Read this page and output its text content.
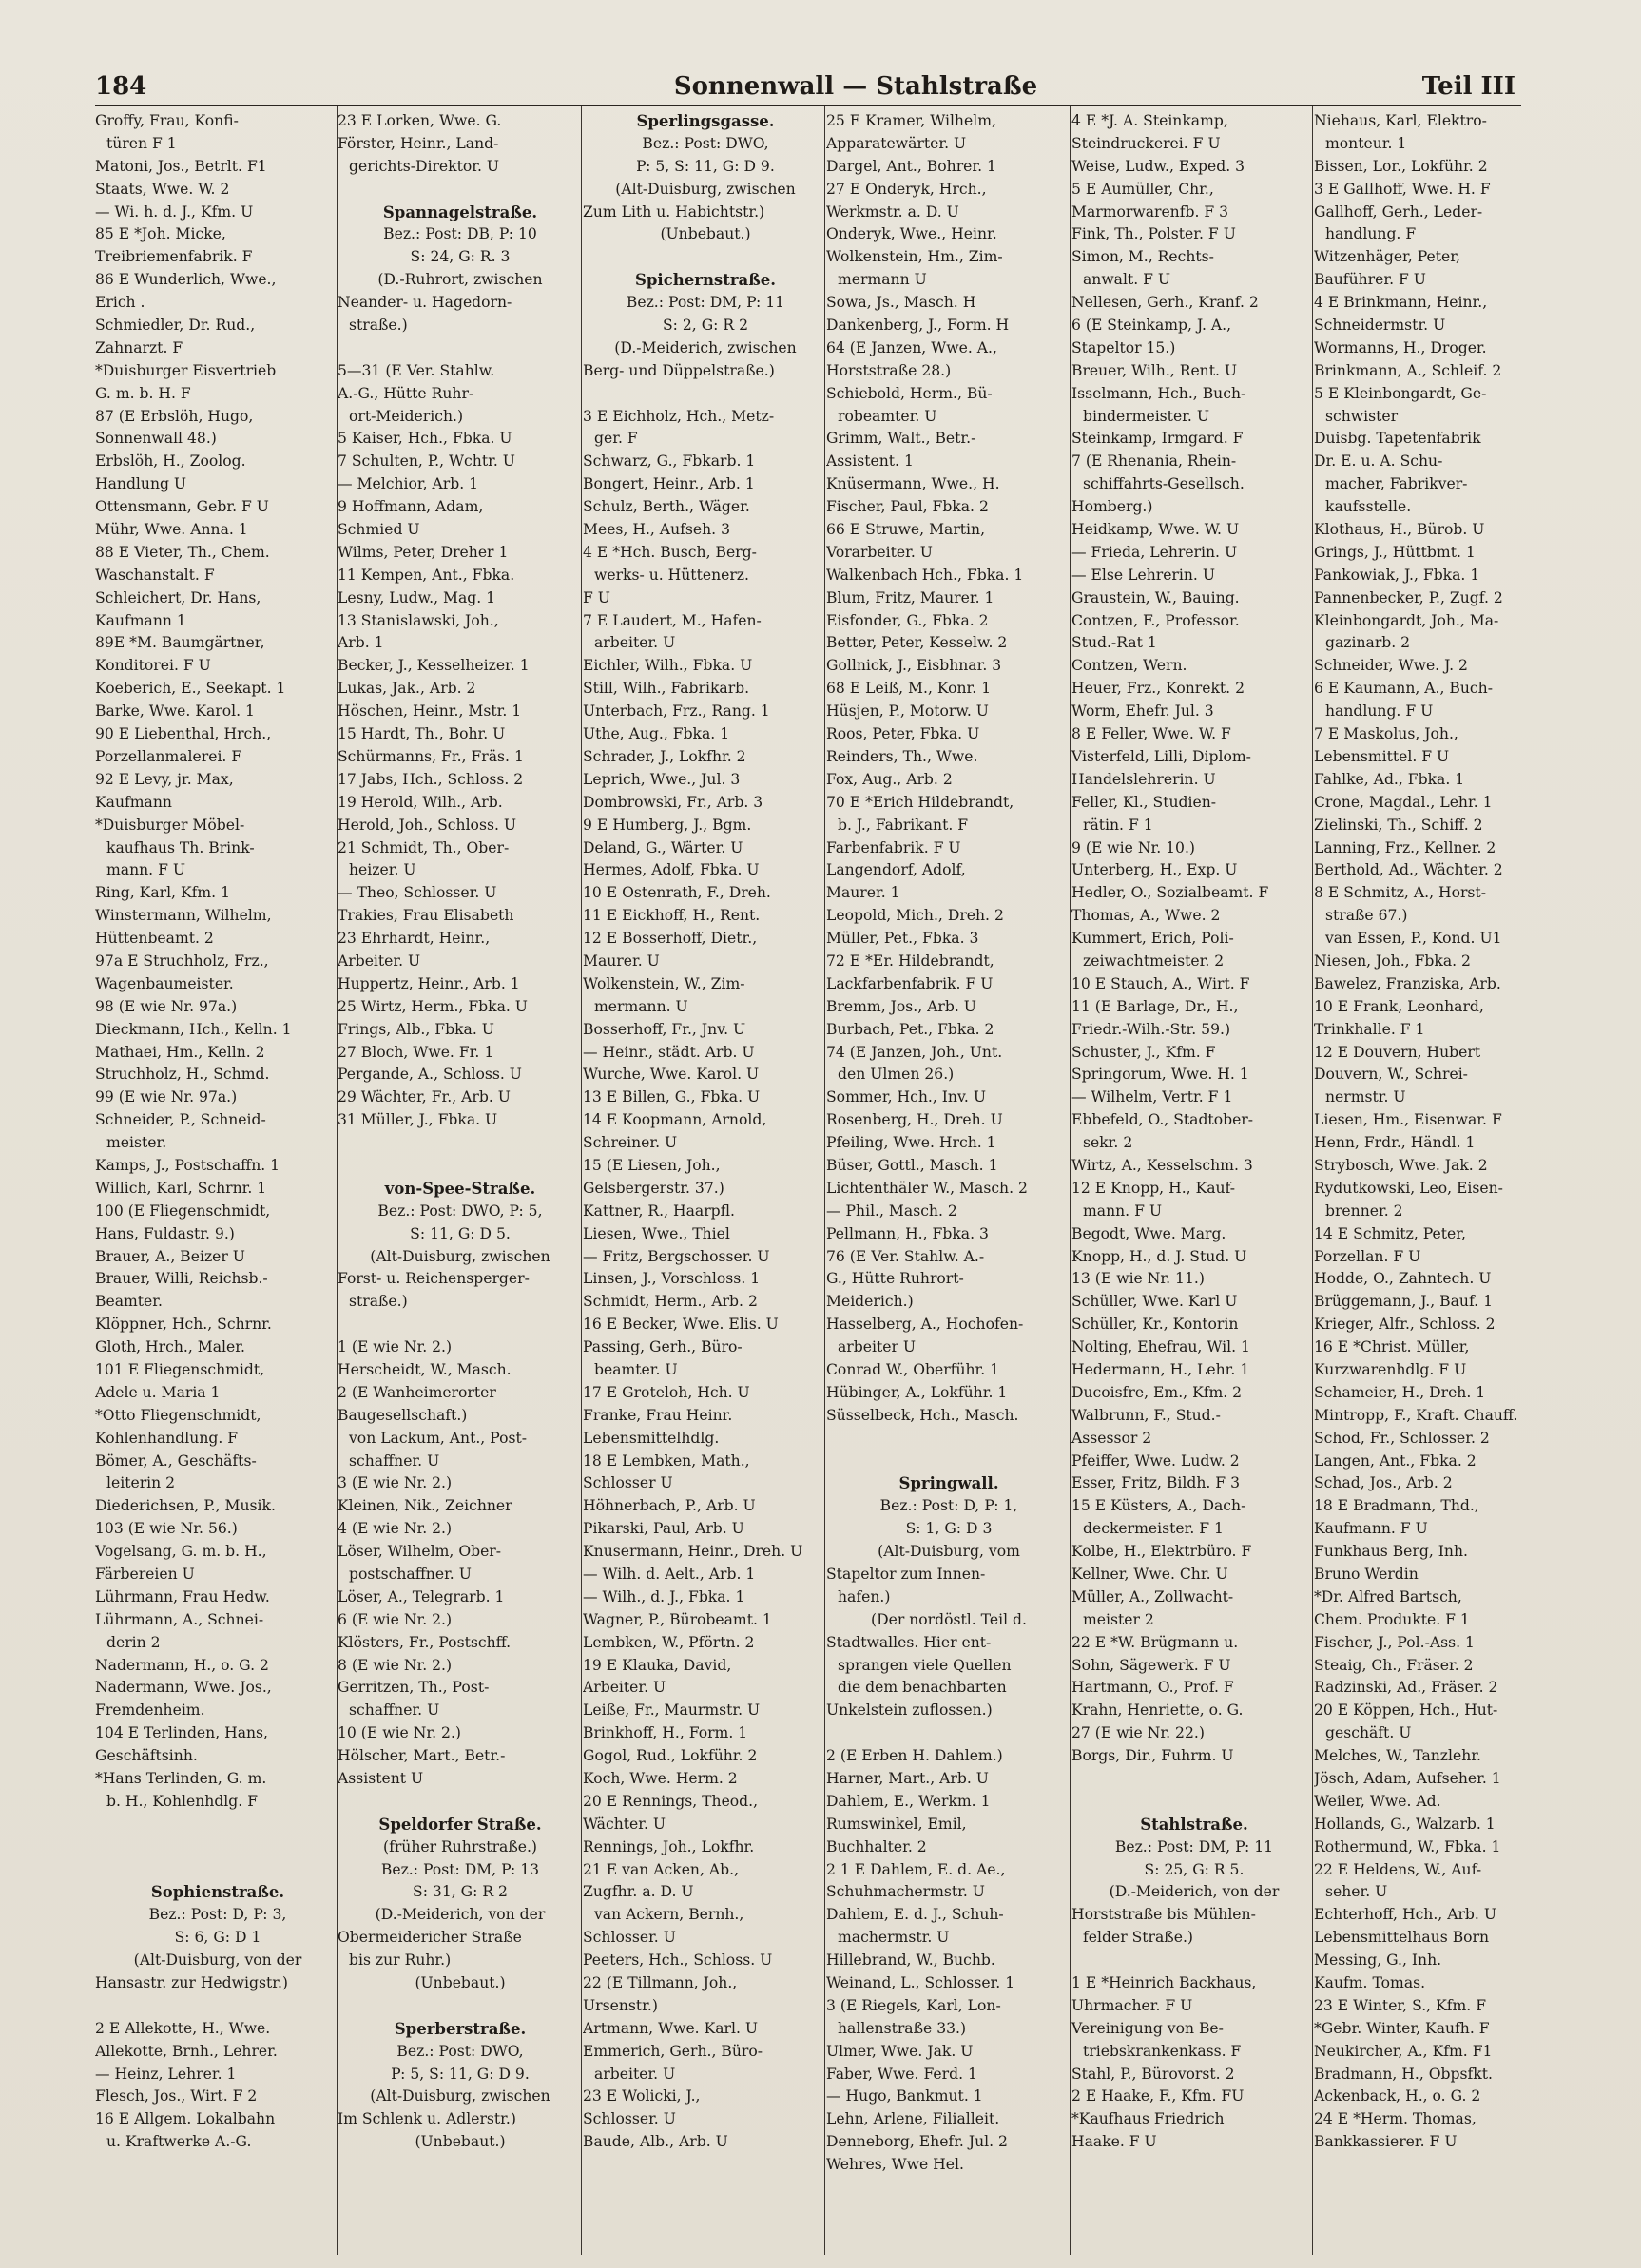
184	Sonnenwall — Stahlstraße	Teil III
Groffy, Frau, Konfi-
türen F 1
Matoni, Jos., Betrlt. F1
Staats, Wwe. W. 2
— Wi. h. d. J., Kfm. U
85 E *Joh. Micke,
Treibriemenfabrik. F
86 E Wunderlich, Wwe.,
Erich .
Schmiedler, Dr. Rud.,
Zahnarzt. F
*Duisburger Eisvertrieb
G. m. b. H. F
87 (E Erbslöh, Hugo,
Sonnenwall 48.)
Erbslöh, H., Zoolog.
Handlung U
Ottensmann, Gebr. F U
Mühr, Wwe. Anna. 1
88 E Vieter, Th., Chem.
Waschanstalt. F
Schleichert, Dr. Hans,
Kaufmann 1
89E *M. Baumgärtner,
Konditorei. F U
Koeberich, E., Seekapt. 1
Barke, Wwe. Karol. 1
90 E Liebenthal, Hrch.,
Porzellanmalerei. F
92 E Levy, jr. Max,
Kaufmann
*Duisburger Möbel-
kaufhaus Th. Brink-
mann. F U
Ring, Karl, Kfm. 1
Winstermann, Wilhelm,
Hüttenbeamt. 2
97a E Struchholz, Frz.,
Wagenbaumeister.
98 (E wie Nr. 97a.)
Dieckmann, Hch., Kelln. 1
Mathaei, Hm., Kelln. 2
Struchholz, H., Schmd.
99 (E wie Nr. 97a.)
Schneider, P., Schneid-
meister.
Kamps, J., Postschaffn. 1
Willich, Karl, Schrnr. 1
100 (E Fliegenschmidt,
Hans, Fuldastr. 9.)
Brauer, A., Beizer U
Brauer, Willi, Reichsb.-
Beamter.
Klöppner, Hch., Schrnr.
Gloth, Hrch., Maler.
101 E Fliegenschmidt,
Adele u. Maria 1
*Otto Fliegenschmidt,
Kohlenhandlung. F
Bömer, A., Geschäfts-
leiterin 2
Diederichsen, P., Musik.
103 (E wie Nr. 56.)
Vogelsang, G. m. b. H.,
Färbereien U
Lührmann, Frau Hedw.
Lührmann, A., Schnei-
derin 2
Nadermann, H., o. G. 2
Nadermann, Wwe. Jos.,
Fremdenheim.
104 E Terlinden, Hans,
Geschäftsinh.
*Hans Terlinden, G. m.
b. H., Kohlenhdlg. F
Sophienstraße.
Bez.: Post: D, P: 3,
S: 6, G: D 1
(Alt-Duisburg, von der
Hansastr. zur Hedwigstr.)
2 E Allekotte, H., Wwe.
Allekotte, Brnh., Lehrer.
— Heinz, Lehrer. 1
Flesch, Jos., Wirt. F 2
16 E Allgem. Lokalbahn
u. Kraftwerke A.-G.
23 E Lorken, Wwe. G.
Förster, Heinr., Land-
gerichts-Direktor. U
Spannagelstraße.
Bez.: Post: DB, P: 10
S: 24, G: R. 3
(D.-Ruhrort, zwischen
Neander- u. Hagedorn-
straße.)
5—31 (E Ver. Stahlw.
A.-G., Hütte Ruhr-
ort-Meiderich.)
5 Kaiser, Hch., Fbka. U
7 Schulten, P., Wchtr. U
— Melchior, Arb. 1
9 Hoffmann, Adam,
Schmied U
Wilms, Peter, Dreher 1
11 Kempen, Ant., Fbka.
Lesny, Ludw., Mag. 1
13 Stanislawski, Joh.,
Arb. 1
Becker, J., Kesselheizer. 1
Lukas, Jak., Arb. 2
Höschen, Heinr., Mstr. 1
15 Hardt, Th., Bohr. U
Schürmanns, Fr., Fräs. 1
17 Jabs, Hch., Schloss. 2
19 Herold, Wilh., Arb.
Herold, Joh., Schloss. U
21 Schmidt, Th., Ober-
heizer. U
— Theo, Schlosser. U
Trakies, Frau Elisabeth
23 Ehrhardt, Heinr.,
Arbeiter. U
Huppertz, Heinr., Arb. 1
25 Wirtz, Herm., Fbka. U
Frings, Alb., Fbka. U
27 Bloch, Wwe. Fr. 1
Pergande, A., Schloss. U
29 Wächter, Fr., Arb. U
31 Müller, J., Fbka. U
von-Spee-Straße.
Bez.: Post: DWO, P: 5,
S: 11, G: D 5.
(Alt-Duisburg, zwischen
Forst- u. Reichensperger-
straße.)
1 (E wie Nr. 2.)
Herscheidt, W., Masch.
2 (E Wanheimerorter
Baugesellschaft.)
von Lackum, Ant., Post-
schaffner. U
3 (E wie Nr. 2.)
Kleinen, Nik., Zeichner
4 (E wie Nr. 2.)
Löser, Wilhelm, Ober-
postschaffner. U
Löser, A., Telegrarb. 1
6 (E wie Nr. 2.)
Klösters, Fr., Postschff.
8 (E wie Nr. 2.)
Gerritzen, Th., Post-
schaffner. U
10 (E wie Nr. 2.)
Hölscher, Mart., Betr.-
Assistent U
Speldorfer Straße.
(früher Ruhrstraße.)
Bez.: Post: DM, P: 13
S: 31, G: R 2
(D.-Meiderich, von der
Obermeidericher Straße
bis zur Ruhr.)
(Unbebaut.)
Sperberstraße.
Bez.: Post: DWO,
P: 5, S: 11, G: D 9.
(Alt-Duisburg, zwischen
Im Schlenk u. Adlerstr.)
(Unbebaut.)
Sperlingsgasse.
Bez.: Post: DWO,
P: 5, S: 11, G: D 9.
(Alt-Duisburg, zwischen
Zum Lith u. Habichtstr.)
(Unbebaut.)
Spichernstraße.
Bez.: Post: DM, P: 11
S: 2, G: R 2
(D.-Meiderich, zwischen
Berg- und Düppelstraße.)
3 E Eichholz, Hch., Metz-
ger. F
Schwarz, G., Fbkarb. 1
Bongert, Heinr., Arb. 1
Schulz, Berth., Wäger.
Mees, H., Aufseh. 3
4 E *Hch. Busch, Berg-
werks- u. Hüttenerz.
F U
7 E Laudert, M., Hafen-
arbeiter. U
Eichler, Wilh., Fbka. U
Still, Wilh., Fabrikarb.
Unterbach, Frz., Rang. 1
Uthe, Aug., Fbka. 1
Schrader, J., Lokfhr. 2
Leprich, Wwe., Jul. 3
Dombrowski, Fr., Arb. 3
9 E Humberg, J., Bgm.
Deland, G., Wärter. U
Hermes, Adolf, Fbka. U
10 E Ostenrath, F., Dreh.
11 E Eickhoff, H., Rent.
12 E Bosserhoff, Dietr.,
Maurer. U
Wolkenstein, W., Zim-
mermann. U
Bosserhoff, Fr., Jnv. U
— Heinr., städt. Arb. U
Wurche, Wwe. Karol. U
13 E Billen, G., Fbka. U
14 E Koopmann, Arnold,
Schreiner. U
15 (E Liesen, Joh.,
Gelsbergerstr. 37.)
Kattner, R., Haarpfl.
Liesen, Wwe., Thiel
— Fritz, Bergschosser. U
Linsen, J., Vorschloss. 1
Schmidt, Herm., Arb. 2
16 E Becker, Wwe. Elis. U
Passing, Gerh., Büro-
beamter. U
17 E Groteloh, Hch. U
Franke, Frau Heinr.
Lebensmittelhdlg.
18 E Lembken, Math.,
Schlosser U
Höhnerbach, P., Arb. U
Pikarski, Paul, Arb. U
Knusermann, Heinr., Dreh. U
— Wilh. d. Aelt., Arb. 1
— Wilh., d. J., Fbka. 1
Wagner, P., Bürobeamt. 1
Lembken, W., Pförtn. 2
19 E Klauka, David,
Arbeiter. U
Leiße, Fr., Maurmstr. U
Brinkhoff, H., Form. 1
Gogol, Rud., Lokführ. 2
Koch, Wwe. Herm. 2
20 E Rennings, Theod.,
Wächter. U
Rennings, Joh., Lokfhr.
21 E van Acken, Ab.,
Zugfhr. a. D. U
van Ackern, Bernh.,
Schlosser. U
Peeters, Hch., Schloss. U
22 (E Tillmann, Joh.,
Ursenstr.)
Artmann, Wwe. Karl. U
Emmerich, Gerh., Büro-
arbeiter. U
23 E Wolicki, J.,
Schlosser. U
Baude, Alb., Arb. U
25 E Kramer, Wilhelm,
Apparatewärter. U
Dargel, Ant., Bohrer. 1
27 E Onderyk, Hrch.,
Werkmstr. a. D. U
Onderyk, Wwe., Heinr.
Wolkenstein, Hm., Zim-
mermann U
Sowa, Js., Masch. H
Dankenberg, J., Form. H
64 (E Janzen, Wwe. A.,
Horststraße 28.)
Schiebold, Herm., Bü-
robeamter. U
Grimm, Walt., Betr.-
Assistent. 1
Knüsermann, Wwe., H.
Fischer, Paul, Fbka. 2
66 E Struwe, Martin,
Vorarbeiter. U
Walkenbach Hch., Fbka. 1
Blum, Fritz, Maurer. 1
Eisfonder, G., Fbka. 2
Better, Peter, Kesselw. 2
Gollnick, J., Eisbhnar. 3
68 E Leiß, M., Konr. 1
Hüsjen, P., Motorw. U
Roos, Peter, Fbka. U
Reinders, Th., Wwe.
Fox, Aug., Arb. 2
70 E *Erich Hildebrandt,
b. J., Fabrikant. F
Farbenfabrik. F U
Langendorf, Adolf,
Maurer. 1
Leopold, Mich., Dreh. 2
Müller, Pet., Fbka. 3
72 E *Er. Hildebrandt,
Lackfarbenfabrik. F U
Bremm, Jos., Arb. U
Burbach, Pet., Fbka. 2
74 (E Janzen, Joh., Unt.
den Ulmen 26.)
Sommer, Hch., Inv. U
Rosenberg, H., Dreh. U
Pfeiling, Wwe. Hrch. 1
Büser, Gottl., Masch. 1
Lichtenthäler W., Masch. 2
— Phil., Masch. 2
Pellmann, H., Fbka. 3
76 (E Ver. Stahlw. A.-
G., Hütte Ruhrort-
Meiderich.)
Hasselberg, A., Hochofen-
arbeiter U
Conrad W., Oberführ. 1
Hübinger, A., Lokführ. 1
Süsselbeck, Hch., Masch.
Springwall.
Bez.: Post: D, P: 1,
S: 1, G: D 3
(Alt-Duisburg, vom
Stapeltor zum Innen-
hafen.)
(Der nordöstl. Teil d.
Stadtwalles. Hier ent-
sprangen viele Quellen
die dem benachbarten
Unkelstein zuflossen.)
2 (E Erben H. Dahlem.)
Harner, Mart., Arb. U
Dahlem, E., Werkm. 1
Rumswinkel, Emil,
Buchhalter. 2
2 1 E Dahlem, E. d. Ae.,
Schuhmachermstr. U
Dahlem, E. d. J., Schuh-
machermstr. U
Hillebrand, W., Buchb.
Weinand, L., Schlosser. 1
3 (E Riegels, Karl, Lon-
hallenstraße 33.)
Ulmer, Wwe. Jak. U
Faber, Wwe. Ferd. 1
— Hugo, Bankmut. 1
Lehn, Arlene, Filialleit.
Denneborg, Ehefr. Jul. 2
Wehres, Wwe Hel.
4 E *J. A. Steinkamp,
Steindruckerei. F U
Weise, Ludw., Exped. 3
5 E Aumüller, Chr.,
Marmorwarenfb. F 3
Fink, Th., Polster. F U
Simon, M., Rechts-
anwalt. F U
Nellesen, Gerh., Kranf. 2
6 (E Steinkamp, J. A.,
Stapeltor 15.)
Breuer, Wilh., Rent. U
Isselmann, Hch., Buch-
bindermeister. U
Steinkamp, Irmgard. F
7 (E Rhenania, Rhein-
schiffahrts-Gesellsch.
Homberg.)
Heidkamp, Wwe. W. U
— Frieda, Lehrerin. U
— Else Lehrerin. U
Graustein, W., Bauing.
Contzen, F., Professor.
Stud.-Rat 1
Contzen, Wern.
Heuer, Frz., Konrekt. 2
Worm, Ehefr. Jul. 3
8 E Feller, Wwe. W. F
Visterfeld, Lilli, Diplom-
Handelslehrerin. U
Feller, Kl., Studien-
rätin. F 1
9 (E wie Nr. 10.)
Unterberg, H., Exp. U
Hedler, O., Sozialbeamt. F
Thomas, A., Wwe. 2
Kummert, Erich, Poli-
zeiwachtmeister. 2
10 E Stauch, A., Wirt. F
11 (E Barlage, Dr., H.,
Friedr.-Wilh.-Str. 59.)
Schuster, J., Kfm. F
Springorum, Wwe. H. 1
— Wilhelm, Vertr. F 1
Ebbefeld, O., Stadtober-
sekr. 2
Wirtz, A., Kesselschm. 3
12 E Knopp, H., Kauf-
mann. F U
Begodt, Wwe. Marg.
Knopp, H., d. J. Stud. U
13 (E wie Nr. 11.)
Schüller, Wwe. Karl U
Schüller, Kr., Kontorin
Nolting, Ehefrau, Wil. 1
Hedermann, H., Lehr. 1
Ducoisfre, Em., Kfm. 2
Walbrunn, F., Stud.-
Assessor 2
Pfeiffer, Wwe. Ludw. 2
Esser, Fritz, Bildh. F 3
15 E Küsters, A., Dach-
deckermeister. F 1
Kolbe, H., Elektrbüro. F
Kellner, Wwe. Chr. U
Müller, A., Zollwacht-
meister 2
22 E *W. Brügmann u.
Sohn, Sägewerk. F U
Hartmann, O., Prof. F
Krahn, Henriette, o. G.
27 (E wie Nr. 22.)
Borgs, Dir., Fuhrm. U
Stahlstraße.
Bez.: Post: DM, P: 11
S: 25, G: R 5.
(D.-Meiderich, von der
Horststraße bis Mühlen-
felder Straße.)
1 E *Heinrich Backhaus,
Uhrmacher. F U
Vereinigung von Be-
triebskrankenkass. F
Stahl, P., Bürovorst. 2
2 E Haake, F., Kfm. FU
*Kaufhaus Friedrich
Haake. F U
Niehaus, Karl, Elektro-
monteur. 1
Bissen, Lor., Lokführ. 2
3 E Gallhoff, Wwe. H. F
Gallhoff, Gerh., Leder-
handlung. F
Witzenhäger, Peter,
Bauführer. F U
4 E Brinkmann, Heinr.,
Schneidermstr. U
Wormanns, H., Droger.
Brinkmann, A., Schleif. 2
5 E Kleinbongardt, Ge-
schwister
Duisbg. Tapetenfabrik
Dr. E. u. A. Schu-
macher, Fabrikver-
kaufsstelle.
Klothaus, H., Bürob. U
Grings, J., Hüttbmt. 1
Pankowiak, J., Fbka. 1
Pannenbecker, P., Zugf. 2
Kleinbongardt, Joh., Ma-
gazinarb. 2
Schneider, Wwe. J. 2
6 E Kaumann, A., Buch-
handlung. F U
7 E Maskolus, Joh.,
Lebensmittel. F U
Fahlke, Ad., Fbka. 1
Crone, Magdal., Lehr. 1
Zielinski, Th., Schiff. 2
Lanning, Frz., Kellner. 2
Berthold, Ad., Wächter. 2
8 E Schmitz, A., Horst-
straße 67.)
van Essen, P., Kond. U1
Niesen, Joh., Fbka. 2
Bawelez, Franziska, Arb.
10 E Frank, Leonhard,
Trinkhalle. F 1
12 E Douvern, Hubert
Douvern, W., Schrei-
nermstr. U
Liesen, Hm., Eisenwar. F
Henn, Frdr., Händl. 1
Strybosch, Wwe. Jak. 2
Rydutkowski, Leo, Eisen-
brenner. 2
14 E Schmitz, Peter,
Porzellan. F U
Hodde, O., Zahntech. U
Brüggemann, J., Bauf. 1
Krieger, Alfr., Schloss. 2
16 E *Christ. Müller,
Kurzwarenhdlg. F U
Schameier, H., Dreh. 1
Mintropp, F., Kraft. Chauff.
Schod, Fr., Schlosser. 2
Langen, Ant., Fbka. 2
Schad, Jos., Arb. 2
18 E Bradmann, Thd.,
Kaufmann. F U
Funkhaus Berg, Inh.
Bruno Werdin
*Dr. Alfred Bartsch,
Chem. Produkte. F 1
Fischer, J., Pol.-Ass. 1
Steaig, Ch., Fräser. 2
Radzinski, Ad., Fräser. 2
20 E Köppen, Hch., Hut-
geschäft. U
Melches, W., Tanzlehr.
Jösch, Adam, Aufseher. 1
Weiler, Wwe. Ad.
Hollands, G., Walzarb. 1
Rothermund, W., Fbka. 1
22 E Heldens, W., Auf-
seher. U
Echterhoff, Hch., Arb. U
Lebensmittelhaus Born
Messing, G., Inh.
Kaufm. Tomas.
23 E Winter, S., Kfm. F
*Gebr. Winter, Kaufh. F
Neukircher, A., Kfm. F1
Bradmann, H., Obpsfkt.
Ackenback, H., o. G. 2
24 E *Herm. Thomas,
Bankkassierer. F U
